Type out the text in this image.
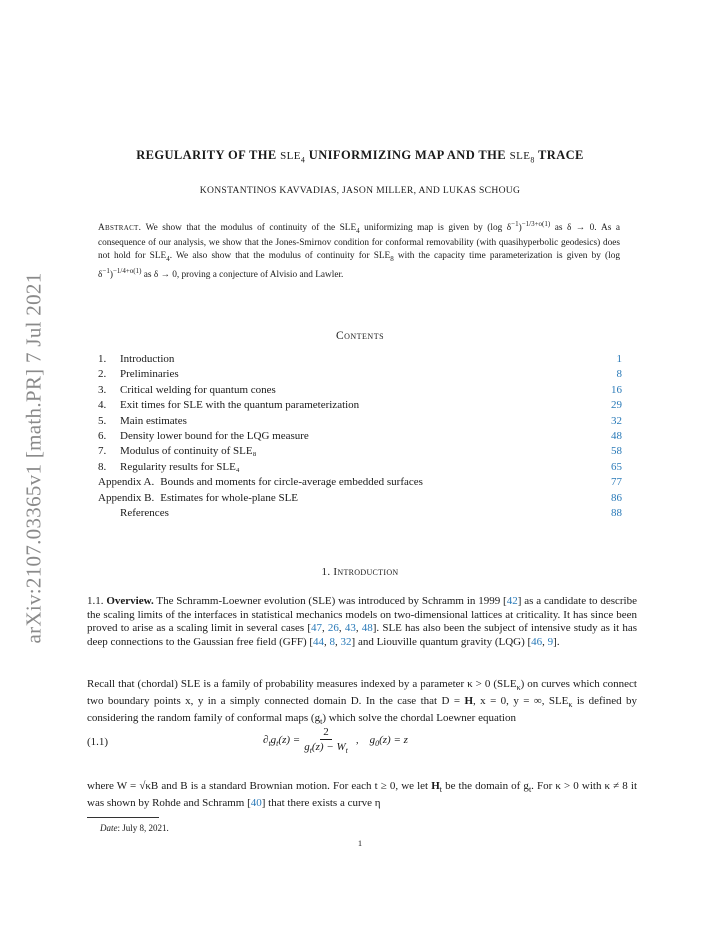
arXiv:2107.03365v1 [math.PR] 7 Jul 2021
REGULARITY OF THE $SLE_4$ UNIFORMIZING MAP AND THE $SLE_8$ TRACE
KONSTANTINOS KAVVADIAS, JASON MILLER, AND LUKAS SCHOUG
Abstract. We show that the modulus of continuity of the $SLE_4$ uniformizing map is given by (log $\delta^{-1})^{-1/3+o(1)}$ as δ → 0. As a consequence of our analysis, we show that the Jones-Smirnov condition for conformal removability (with quasihyperbolic geodesics) does not hold for $SLE_4$. We also show that the modulus of continuity for $SLE_8$ with the capacity time parameterization is given by (log $\delta^{-1})^{-1/4+o(1)}$ as δ → 0, proving a conjecture of Alvisio and Lawler.
Contents
1. Introduction	1
2. Preliminaries	8
3. Critical welding for quantum cones	16
4. Exit times for SLE with the quantum parameterization	29
5. Main estimates	32
6. Density lower bound for the LQG measure	48
7. Modulus of continuity of SLE₈	58
8. Regularity results for SLE₄	65
Appendix A. Bounds and moments for circle-average embedded surfaces	77
Appendix B. Estimates for whole-plane SLE	86
References	88
1. Introduction
1.1. Overview. The Schramm-Loewner evolution (SLE) was introduced by Schramm in 1999 [42] as a candidate to describe the scaling limits of the interfaces in statistical mechanics models on two-dimensional lattices at criticality. It has since been proved to arise as a scaling limit in several cases [47, 26, 43, 48]. SLE has also been the subject of intensive study as it has deep connections to the Gaussian free field (GFF) [44, 8, 32] and Liouville quantum gravity (LQG) [46, 9].
Recall that (chordal) SLE is a family of probability measures indexed by a parameter κ > 0 $(SLE_\kappa)$ on curves which connect two boundary points x, y in a simply connected domain D. In the case that D = H, x = 0, y = ∞, $SLE_\kappa$ is defined by considering the random family of conformal maps $(g_t)$ which solve the chordal Loewner equation
(1.1)	$\partial_tg_t(z) = \frac{2}{g_t(z) - W_t}$ ,    $g_0(z) = z$
where W = √κB and B is a standard Brownian motion. For each t ≥ 0, we let $H_t$ be the domain of $g_t$. For κ > 0 with κ ≠ 8 it was shown by Rohde and Schramm [40] that there exists a curve η
Date: July 8, 2021.
1
